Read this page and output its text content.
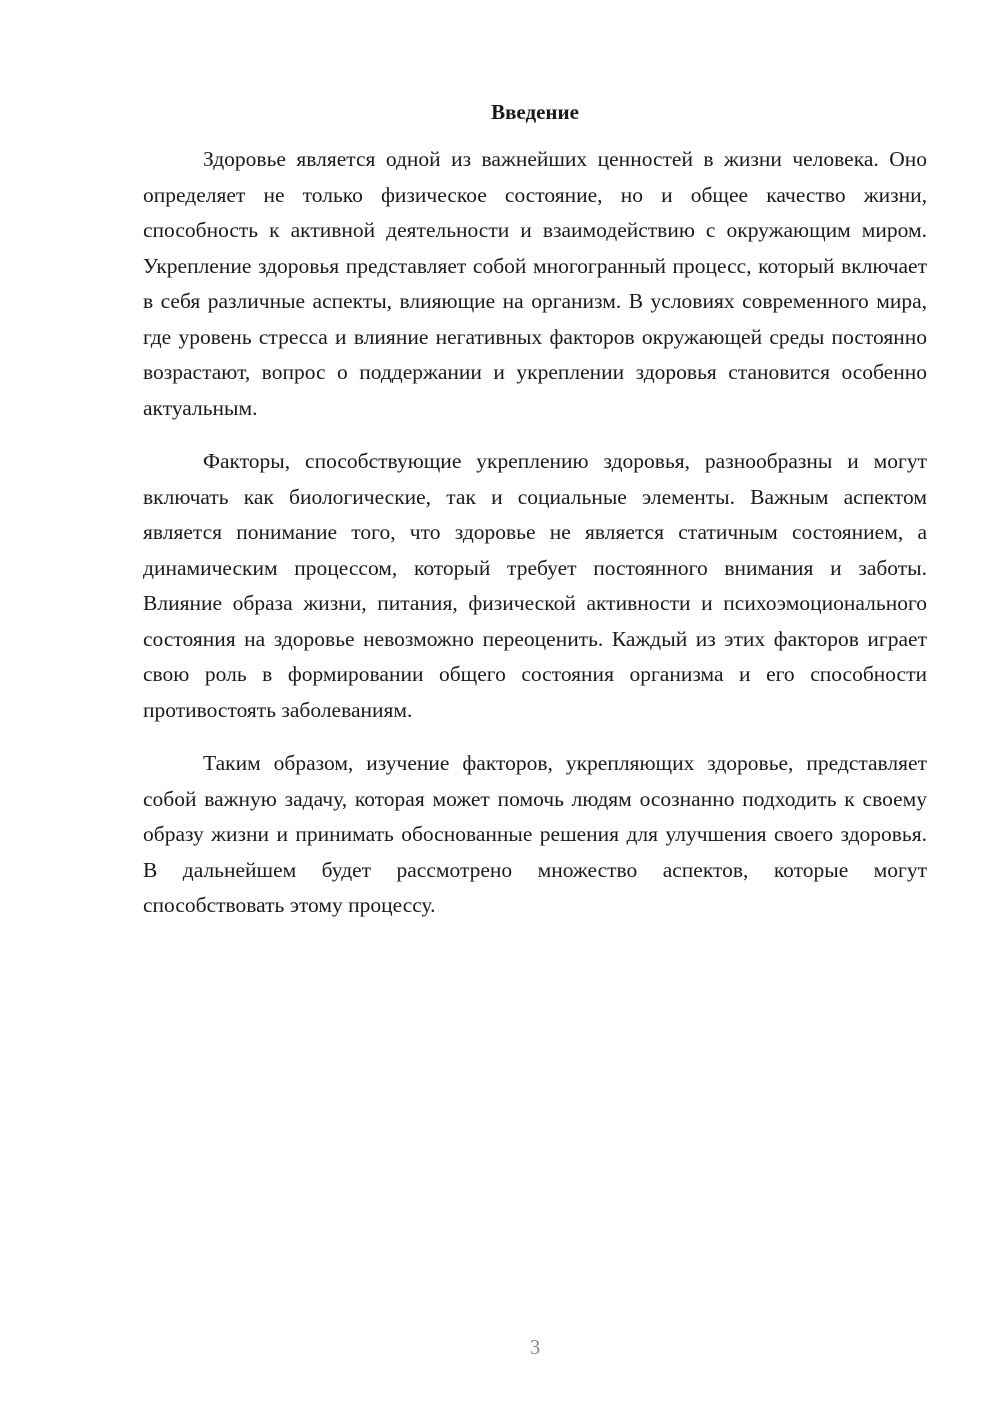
Введение

Здоровье является одной из важнейших ценностей в жизни человека. Оно определяет не только физическое состояние, но и общее качество жизни, способность к активной деятельности и взаимодействию с окружающим миром. Укрепление здоровья представляет собой многогранный процесс, который включает в себя различные аспекты, влияющие на организм. В условиях современного мира, где уровень стресса и влияние негативных факторов окружающей среды постоянно возрастают, вопрос о поддержании и укреплении здоровья становится особенно актуальным.

Факторы, способствующие укреплению здоровья, разнообразны и могут включать как биологические, так и социальные элементы. Важным аспектом является понимание того, что здоровье не является статичным состоянием, а динамическим процессом, который требует постоянного внимания и заботы. Влияние образа жизни, питания, физической активности и психоэмоционального состояния на здоровье невозможно переоценить. Каждый из этих факторов играет свою роль в формировании общего состояния организма и его способности противостоять заболеваниям.

Таким образом, изучение факторов, укрепляющих здоровье, представляет собой важную задачу, которая может помочь людям осознанно подходить к своему образу жизни и принимать обоснованные решения для улучшения своего здоровья. В дальнейшем будет рассмотрено множество аспектов, которые могут способствовать этому процессу.

3
